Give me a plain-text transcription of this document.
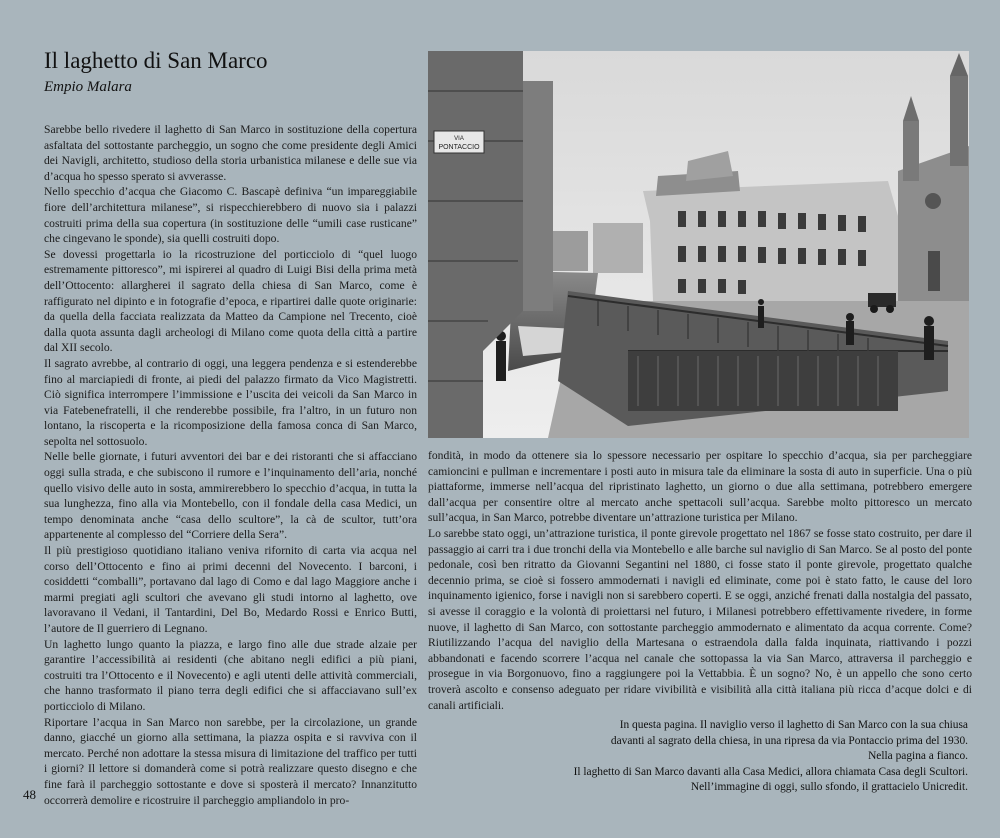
Il laghetto di San Marco
Empio Malara

Sarebbe bello rivedere il laghetto di San Marco in sostituzione della copertura asfaltata del sottostante parcheggio, un sogno che come presidente degli Amici dei Navigli, architetto, studioso della storia urbanistica milanese e delle sue via d’acqua ho spesso sperato si avverasse.

Nello specchio d’acqua che Giacomo C. Bascapè definiva “un impareggiabile fiore dell’architettura milanese”, si rispecchierebbero di nuovo sia i palazzi costruiti prima della sua copertura (in sostituzione delle “umili case rusticane” che cingevano le sponde), sia quelli costruiti dopo.

Se dovessi progettarla io la ricostruzione del porticciolo di “quel luogo estremamente pittoresco”, mi ispirerei al quadro di Luigi Bisi della prima metà dell’Ottocento: allargherei il sagrato della chiesa di San Marco, come è raffigurato nel dipinto e in fotografie d’epoca, e ripartirei dalle quote originarie: da quella della facciata realizzata da Matteo da Campione nel Trecento, cioè dalla quota assunta dagli archeologi di Milano come quota della città a partire dal XII secolo.

Il sagrato avrebbe, al contrario di oggi, una leggera pendenza e si estenderebbe fino al marciapiedi di fronte, ai piedi del palazzo firmato da Vico Magistretti. Ciò significa interrompere l’immissione e l’uscita dei veicoli da San Marco in via Fatebenefratelli, il che renderebbe possibile, fra l’altro, in un futuro non lontano, la riscoperta e la ricomposizione della famosa conca di San Marco, sepolta nel sottosuolo.

Nelle belle giornate, i futuri avventori dei bar e dei ristoranti che si affacciano oggi sulla strada, e che subiscono il rumore e l’inquinamento dell’aria, nonché quello visivo delle auto in sosta, ammirerebbero lo specchio d’acqua, in tutta la sua lunghezza, fino alla via Montebello, con il fondale della casa Medici, un tempo denominata anche “casa dello scultore”, la cà de scultor, tutt’ora appartenente al complesso del “Corriere della Sera”.

Il più prestigioso quotidiano italiano veniva rifornito di carta via acqua nel corso dell’Ottocento e fino ai primi decenni del Novecento. I barconi, i cosiddetti “comballi”, portavano dal lago di Como e dal lago Maggiore anche i marmi pregiati agli scultori che avevano gli studi intorno al laghetto, ove lavoravano il Vedani, il Tantardini, Del Bo, Medardo Rossi e Enrico Butti, l’autore de Il guerriero di Legnano.

Un laghetto lungo quanto la piazza, e largo fino alle due strade alzaie per garantire l’accessibilità ai residenti (che abitano negli edifici a più piani, costruiti tra l’Ottocento e il Novecento) e agli utenti delle attività commerciali, che hanno trasformato il piano terra degli edifici che si affacciavano sull’ex porticciolo di Milano.

Riportare l’acqua in San Marco non sarebbe, per la circolazione, un grande danno, giacché un giorno alla settimana, la piazza ospita e si ravviva con il mercato. Perché non adottare la stessa misura di limitazione del traffico per tutti i giorni? Il lettore si domanderà come si potrà realizzare questo disegno e che fine farà il parcheggio sottostante e dove si sposterà il mercato? Innanzitutto occorrerà demolire e ricostruire il parcheggio ampliandolo in pro-

VIA
PONTACCIO

fondità, in modo da ottenere sia lo spessore necessario per ospitare lo specchio d’acqua, sia per parcheggiare camioncini e pullman e incrementare i posti auto in misura tale da eliminare la sosta di auto in superficie. Una o più piattaforme, immerse nell’acqua del ripristinato laghetto, un giorno o due alla settimana, potrebbero emergere dall’acqua per consentire oltre al mercato anche spettacoli sull’acqua. Sarebbe molto pittoresco un mercato sull’acqua, in San Marco, potrebbe diventare un’attrazione turistica per Milano.

Lo sarebbe stato oggi, un’attrazione turistica, il ponte girevole progettato nel 1867 se fosse stato costruito, per dare il passaggio ai carri tra i due tronchi della via Montebello e alle barche sul naviglio di San Marco. Se al posto del ponte pedonale, così ben ritratto da Giovanni Segantini nel 1880, ci fosse stato il ponte girevole, progettato qualche decennio prima, se cioè si fossero ammodernati i navigli ed eliminate, come poi è stato fatto, le cause del loro inquinamento igienico, forse i navigli non si sarebbero coperti. E se oggi, anziché frenati dalla nostalgia del passato, si avesse il coraggio e la volontà di proiettarsi nel futuro, i Milanesi potrebbero effettivamente rivedere, in forme nuove, il laghetto di San Marco, con sottostante parcheggio ammodernato e alimentato da acqua corrente. Come? Riutilizzando l’acqua del naviglio della Martesana o estraendola dalla falda inquinata, riattivando i pozzi abbandonati e facendo scorrere l’acqua nel canale che sottopassa la via San Marco, attraversa il parcheggio e prosegue in via Borgonuovo, fino a raggiungere poi la Vettabbia. È un sogno? No, è un appello che sono certo troverà ascolto e consenso adeguato per ridare vivibilità e visibilità alla città italiana più ricca d’acque dolci e di canali artificiali.

In questa pagina. Il naviglio verso il laghetto di San Marco con la sua chiusa
davanti al sagrato della chiesa, in una ripresa da via Pontaccio prima del 1930.
Nella pagina a fianco.
Il laghetto di San Marco davanti alla Casa Medici, allora chiamata Casa degli Scultori.
Nell’immagine di oggi, sullo sfondo, il grattacielo Unicredit.
48
